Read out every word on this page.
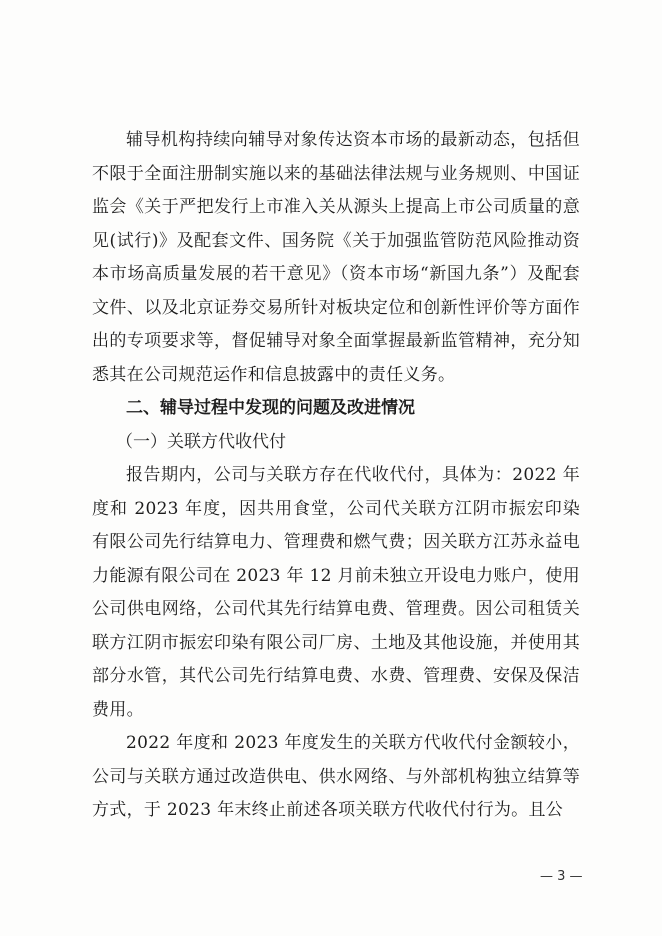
辅导机构持续向辅导对象传达资本市场的最新动态，包括但不限于全面注册制实施以来的基础法律法规与业务规则、中国证监会《关于严把发行上市准入关从源头上提高上市公司质量的意见(试行)》及配套文件、国务院《关于加强监管防范风险推动资本市场高质量发展的若干意见》（资本市场“新国九条”）及配套文件、以及北京证券交易所针对板块定位和创新性评价等方面作出的专项要求等，督促辅导对象全面掌握最新监管精神，充分知悉其在公司规范运作和信息披露中的责任义务。

二、辅导过程中发现的问题及改进情况

（一）关联方代收代付

报告期内，公司与关联方存在代收代付，具体为：2022 年度和 2023 年度，因共用食堂，公司代关联方江阴市振宏印染有限公司先行结算电力、管理费和燃气费；因关联方江苏永益电力能源有限公司在 2023 年 12 月前未独立开设电力账户，使用公司供电网络，公司代其先行结算电费、管理费。因公司租赁关联方江阴市振宏印染有限公司厂房、土地及其他设施，并使用其部分水管，其代公司先行结算电费、水费、管理费、安保及保洁费用。

2022 年度和 2023 年度发生的关联方代收代付金额较小，公司与关联方通过改造供电、供水网络、与外部机构独立结算等方式，于 2023 年末终止前述各项关联方代收代付行为。且公

— 3 —
